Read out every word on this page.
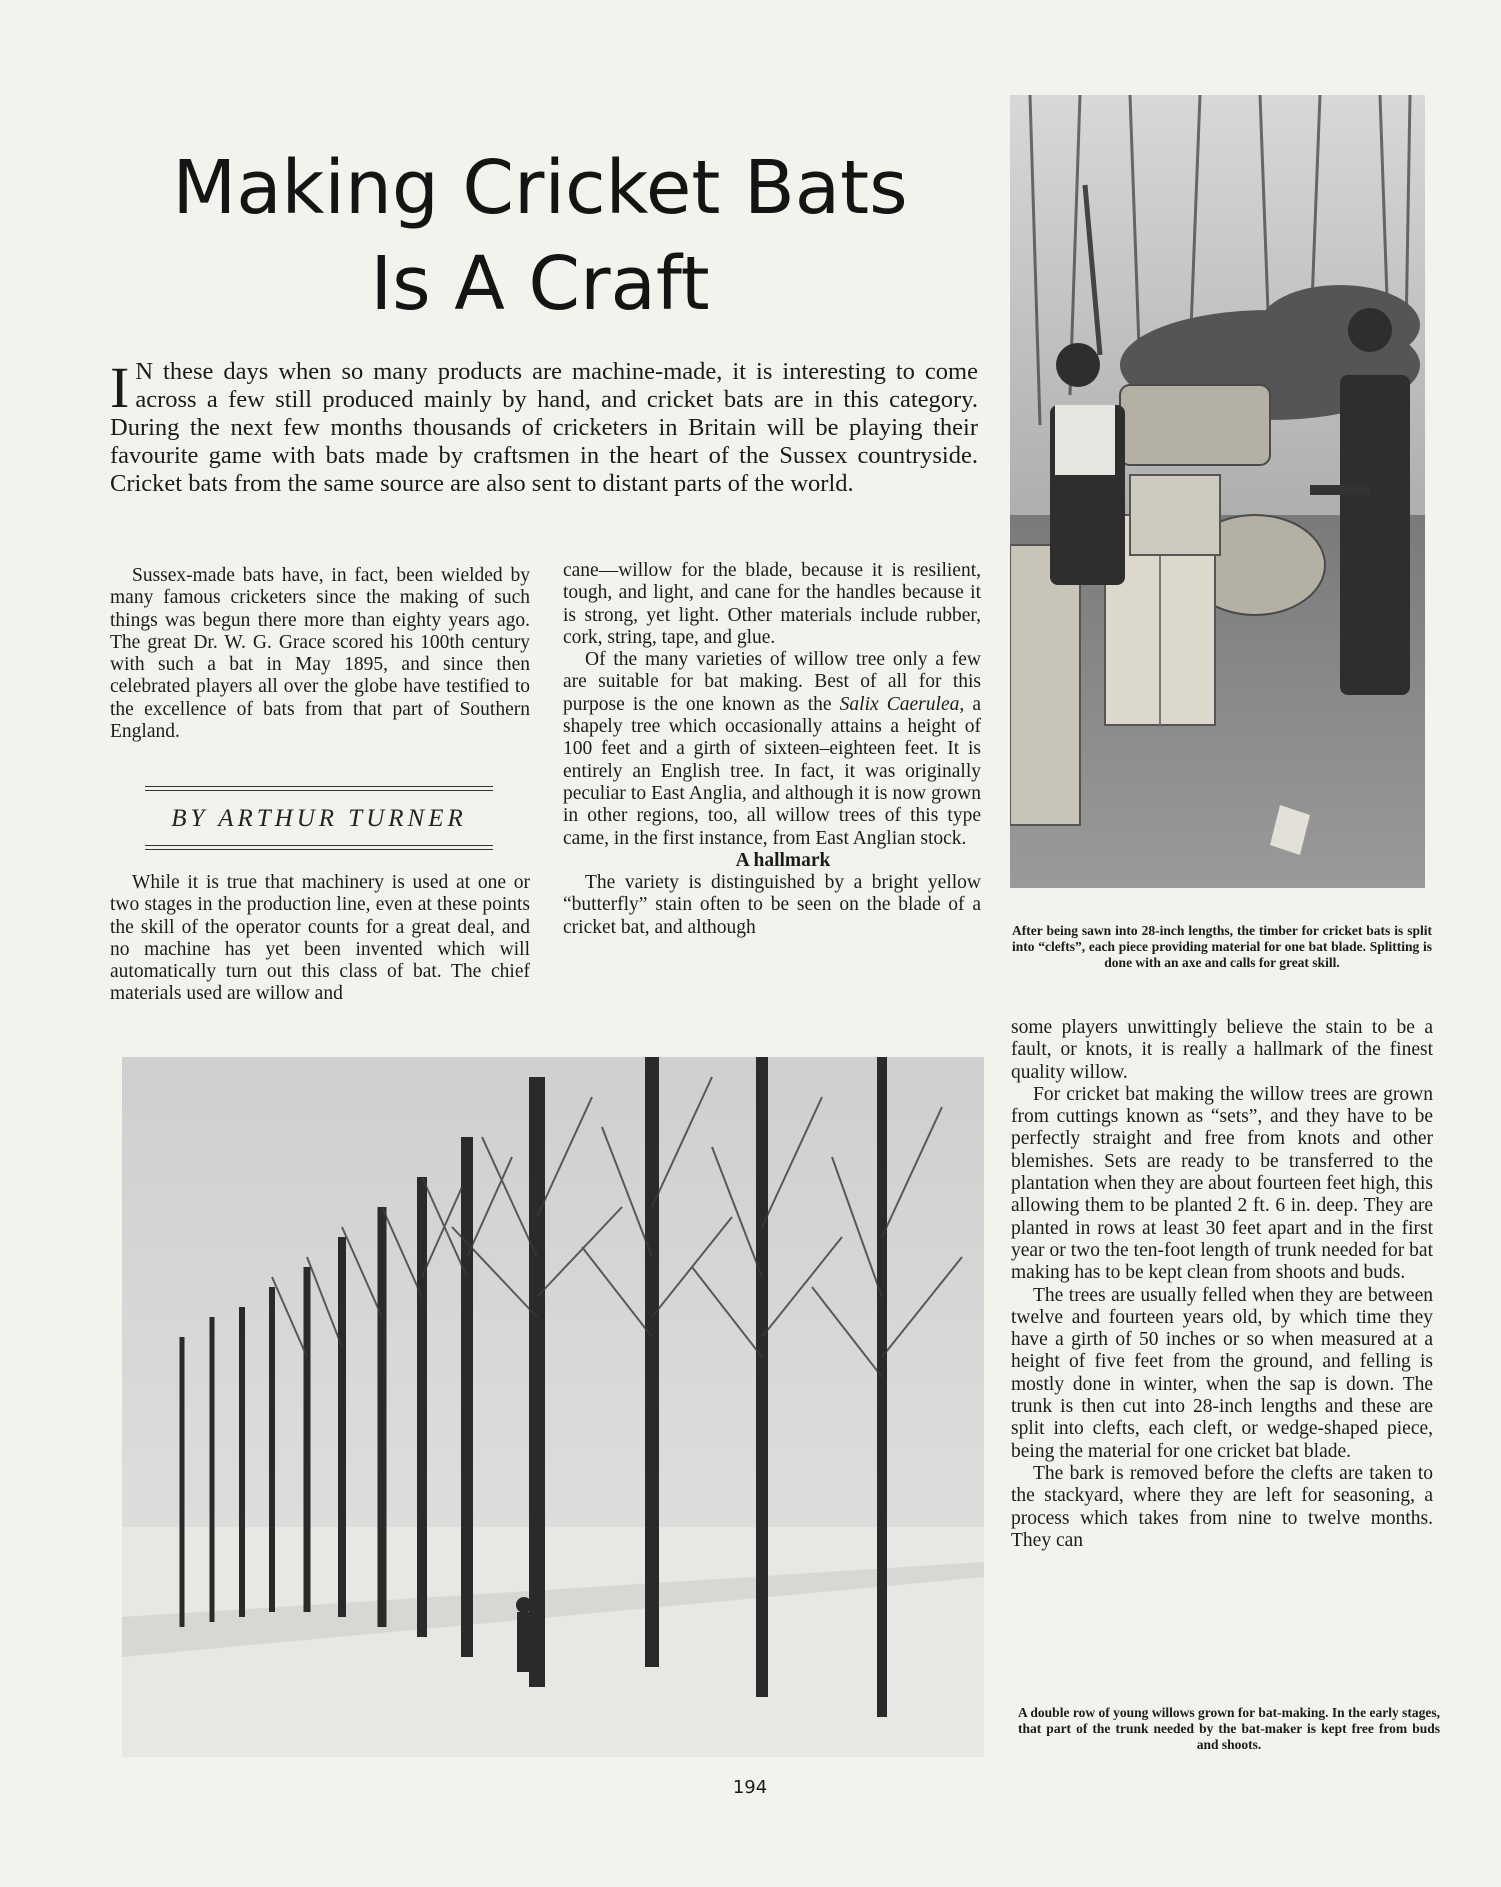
Making Cricket Bats
Is A Craft

I N these days when so many products are machine-made, it is interesting to come across a few still produced mainly by hand, and cricket bats are in this category. During the next few months thousands of cricketers in Britain will be playing their favourite game with bats made by craftsmen in the heart of the Sussex countryside. Cricket bats from the same source are also sent to distant parts of the world.

Sussex-made bats have, in fact, been wielded by many famous cricketers since the making of such things was begun there more than eighty years ago. The great Dr. W. G. Grace scored his 100th century with such a bat in May 1895, and since then celebrated players all over the globe have testified to the excellence of bats from that part of Southern England.

BY ARTHUR TURNER

While it is true that machinery is used at one or two stages in the production line, even at these points the skill of the operator counts for a great deal, and no machine has yet been invented which will automatically turn out this class of bat. The chief materials used are willow and

cane—willow for the blade, because it is resilient, tough, and light, and cane for the handles because it is strong, yet light. Other materials include rubber, cork, string, tape, and glue.

Of the many varieties of willow tree only a few are suitable for bat making. Best of all for this purpose is the one known as the Salix Caerulea, a shapely tree which occasionally attains a height of 100 feet and a girth of sixteen–eighteen feet. It is entirely an English tree. In fact, it was originally peculiar to East Anglia, and although it is now grown in other regions, too, all willow trees of this type came, in the first instance, from East Anglian stock.

A hallmark

The variety is distinguished by a bright yellow “butterfly” stain often to be seen on the blade of a cricket bat, and although	After being sawn into 28-inch lengths, the timber for cricket bats is split into “clefts”, each piece providing material for one bat blade. Splitting is done with an axe and calls for great skill.

some players unwittingly believe the stain to be a fault, or knots, it is really a hallmark of the finest quality willow.

For cricket bat making the willow trees are grown from cuttings known as “sets”, and they have to be perfectly straight and free from knots and other blemishes. Sets are ready to be transferred to the plantation when they are about fourteen feet high, this allowing them to be planted 2 ft. 6 in. deep. They are planted in rows at least 30 feet apart and in the first year or two the ten-foot length of trunk needed for bat making has to be kept clean from shoots and buds.

The trees are usually felled when they are between twelve and fourteen years old, by which time they have a girth of 50 inches or so when measured at a height of five feet from the ground, and felling is mostly done in winter, when the sap is down. The trunk is then cut into 28-inch lengths and these are split into clefts, each cleft, or wedge-shaped piece, being the material for one cricket bat blade.

The bark is removed before the clefts are taken to the stackyard, where they are left for seasoning, a process which takes from nine to twelve months. They can

A double row of young willows grown for bat-making. In the early stages, that part of the trunk needed by the bat-maker is kept free from buds and shoots.
194
